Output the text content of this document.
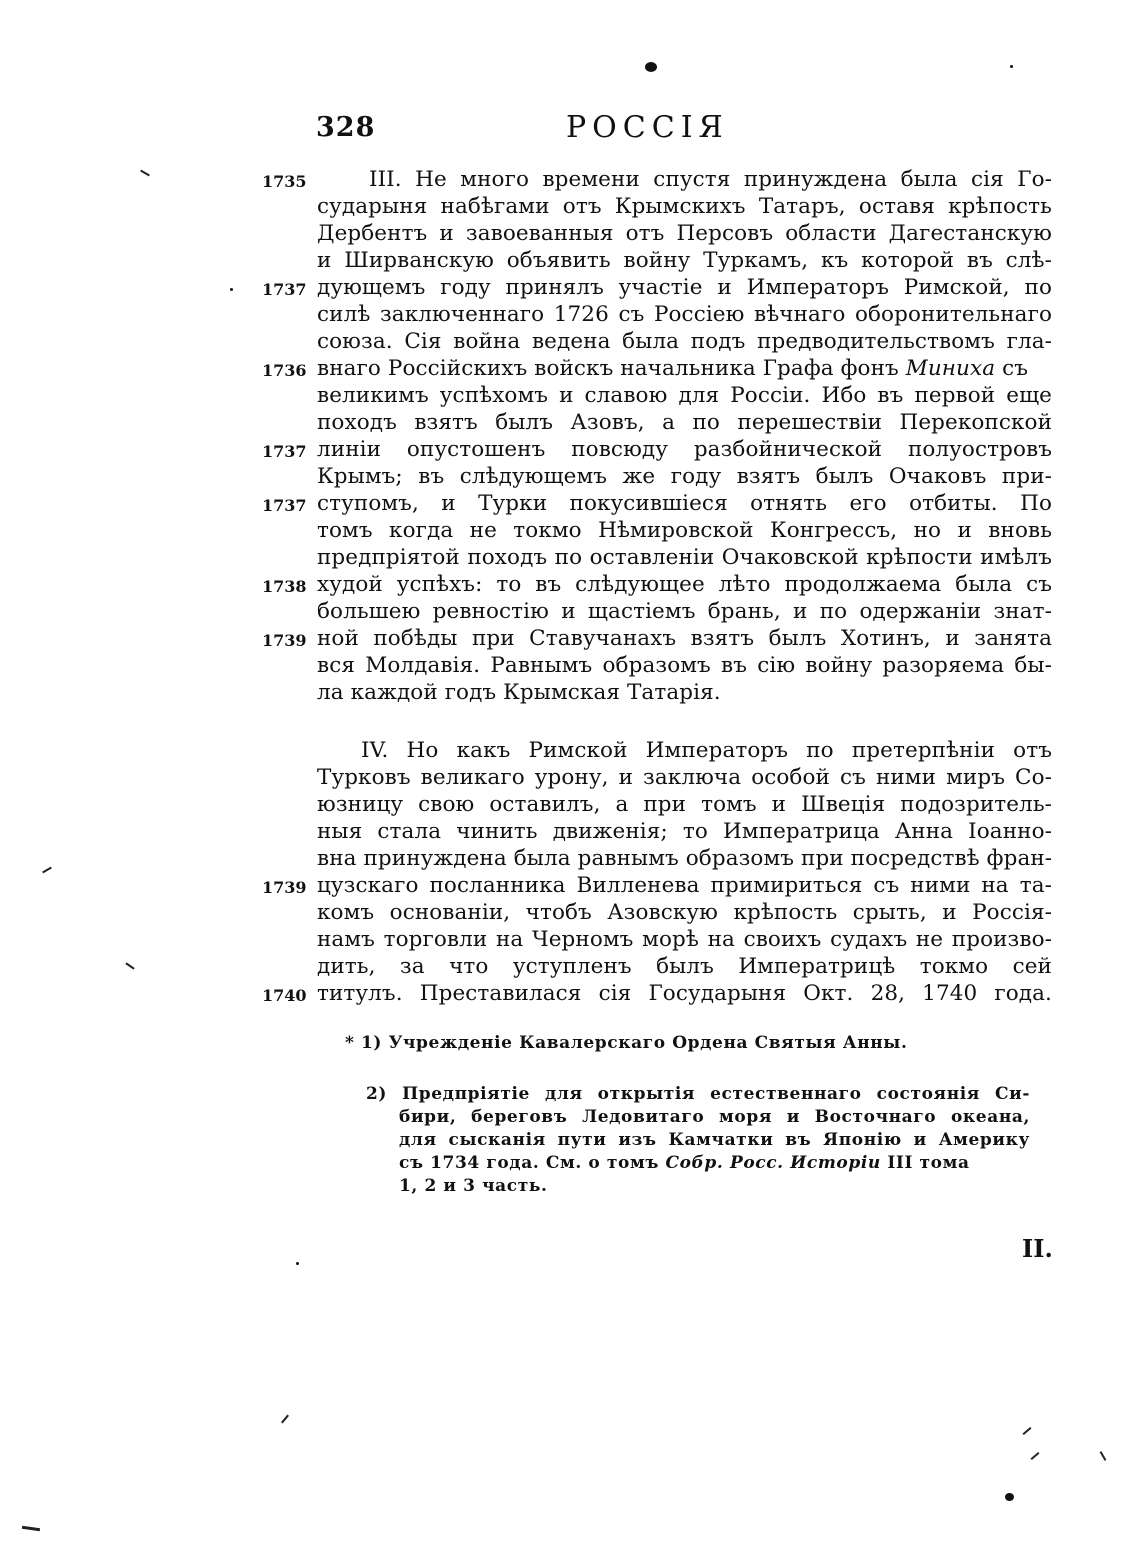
328	РОССІЯ
III. Не много времени спустя принуждена была сія Го-
сударыня набѣгами отъ Крымскихъ Татаръ, оставя крѣпость
Дербентъ и завоеванныя отъ Персовъ области Дагестанскую
и Ширванскую объявить войну Туркамъ, къ которой въ слѣ-
дующемъ году принялъ участіе и Императоръ Римской, по
силѣ заключеннаго 1726 съ Россіею вѣчнаго оборонительнаго
союза. Сія война ведена была подъ предводительствомъ гла-
внаго Россійскихъ войскъ начальника Графа фонъ Миниха съ
великимъ успѣхомъ и славою для Россіи. Ибо въ первой еще
походъ взятъ былъ Азовъ, а по перешествіи Перекопской
линіи опустошенъ повсюду разбойнической полуостровъ
Крымъ; въ слѣдующемъ же году взятъ былъ Очаковъ при-
ступомъ, и Турки покусившіеся отнять его отбиты. По
томъ когда не токмо Нѣмировской Конгрессъ, но и вновь
предпріятой походъ по оставленіи Очаковской крѣпости имѣлъ
худой успѣхъ: то въ слѣдующее лѣто продолжаема была съ
большею ревностію и щастіемъ брань, и по одержаніи знат-
ной побѣды при Ставучанахъ взятъ былъ Хотинъ, и занята
вся Молдавія. Равнымъ образомъ въ сію войну разоряема бы-
ла каждой годъ Крымская Татарія.
IV. Но какъ Римской Императоръ по претерпѣніи отъ
Турковъ великаго урону, и заключа особой съ ними миръ Со-
юзницу свою оставилъ, а при томъ и Швеція подозритель-
ныя стала чинить движенія; то Императрица Анна Іоанно-
вна принуждена была равнымъ образомъ при посредствѣ фран-
цузскаго посланника Вилленева примириться съ ними на та-
комъ основаніи, чтобъ Азовскую крѣпость срыть, и Россія-
намъ торговли на Черномъ морѣ на своихъ судахъ не произво-
дить, за что уступленъ былъ Императрицѣ токмо сей
титулъ. Преставилася сія Государыня Окт. 28, 1740 года.
1735
1737
1736
1737
1737
1738
1739
1739
1740
* 1) Учрежденіе Кавалерскаго Ордена Святыя Анны.
2) Предпріятіе для открытія естественнаго состоянія Си-
бири, береговъ Ледовитаго моря и Восточнаго океана,
для сысканія пути изъ Камчатки въ Японію и Америку
съ 1734 года. См. о томъ Собр. Росс. Исторіи III тома
1, 2 и 3 часть.
II.
